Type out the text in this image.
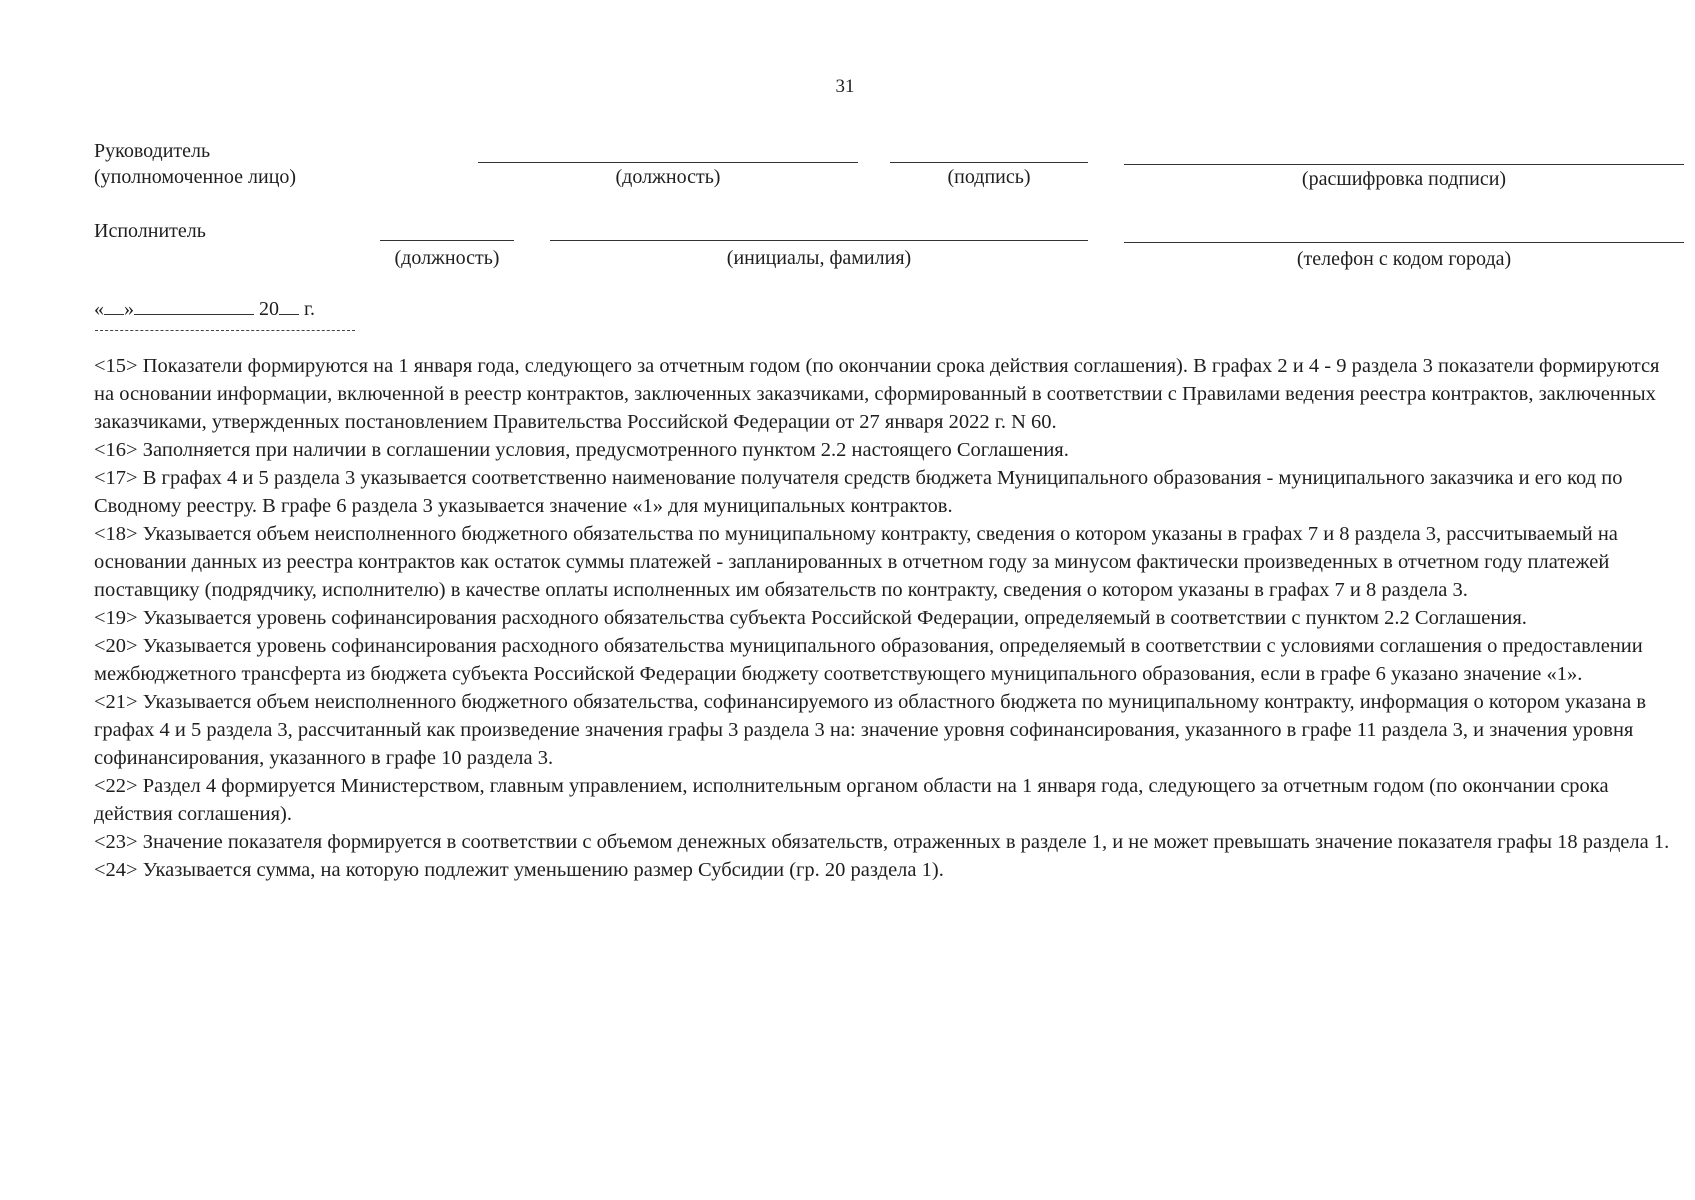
31
Руководитель
(уполномоченное лицо)	(должность)	(подпись)	(расшифровка подписи)
Исполнитель
(должность)	(инициалы, фамилия)	(телефон с кодом города)
« »	20 г.

<15> Показатели формируются на 1 января года, следующего за отчетным годом (по окончании срока действия соглашения). В графах 2 и 4 - 9 раздела 3 показатели формируются на основании информации, включенной в реестр контрактов, заключенных заказчиками, сформированный в соответствии с Правилами ведения реестра контрактов, заключенных заказчиками, утвержденных постановлением Правительства Российской Федерации от 27 января 2022 г. N 60.

<16> Заполняется при наличии в соглашении условия, предусмотренного пунктом 2.2 настоящего Соглашения.

<17> В графах 4 и 5 раздела 3 указывается соответственно наименование получателя средств бюджета Муниципального образования - муниципального заказчика и его код по Сводному реестру. В графе 6 раздела 3 указывается значение «1» для муниципальных контрактов.

<18> Указывается объем неисполненного бюджетного обязательства по муниципальному контракту, сведения о котором указаны в графах 7 и 8 раздела 3, рассчитываемый на основании данных из реестра контрактов как остаток суммы платежей - запланированных в отчетном году за минусом фактически произведенных в отчетном году платежей поставщику (подрядчику, исполнителю) в качестве оплаты исполненных им обязательств по контракту, сведения о котором указаны в графах 7 и 8 раздела 3.

<19> Указывается уровень софинансирования расходного обязательства субъекта Российской Федерации, определяемый в соответствии с пунктом 2.2 Соглашения.

<20> Указывается уровень софинансирования расходного обязательства муниципального образования, определяемый в соответствии с условиями соглашения о предоставлении межбюджетного трансферта из бюджета субъекта Российской Федерации бюджету соответствующего муниципального образования, если в графе 6 указано значение «1».

<21> Указывается объем неисполненного бюджетного обязательства, софинансируемого из областного бюджета по муниципальному контракту, информация о котором указана в графах 4 и 5 раздела 3, рассчитанный как произведение значения графы 3 раздела 3 на: значение уровня софинансирования, указанного в графе 11 раздела 3, и значения уровня софинансирования, указанного в графе 10 раздела 3.

<22> Раздел 4 формируется Министерством, главным управлением, исполнительным органом области на 1 января года, следующего за отчетным годом (по окончании срока действия соглашения).

<23> Значение показателя формируется в соответствии с объемом денежных обязательств, отраженных в разделе 1, и не может превышать значение показателя графы 18 раздела 1.

<24> Указывается сумма, на которую подлежит уменьшению размер Субсидии (гр. 20 раздела 1).
